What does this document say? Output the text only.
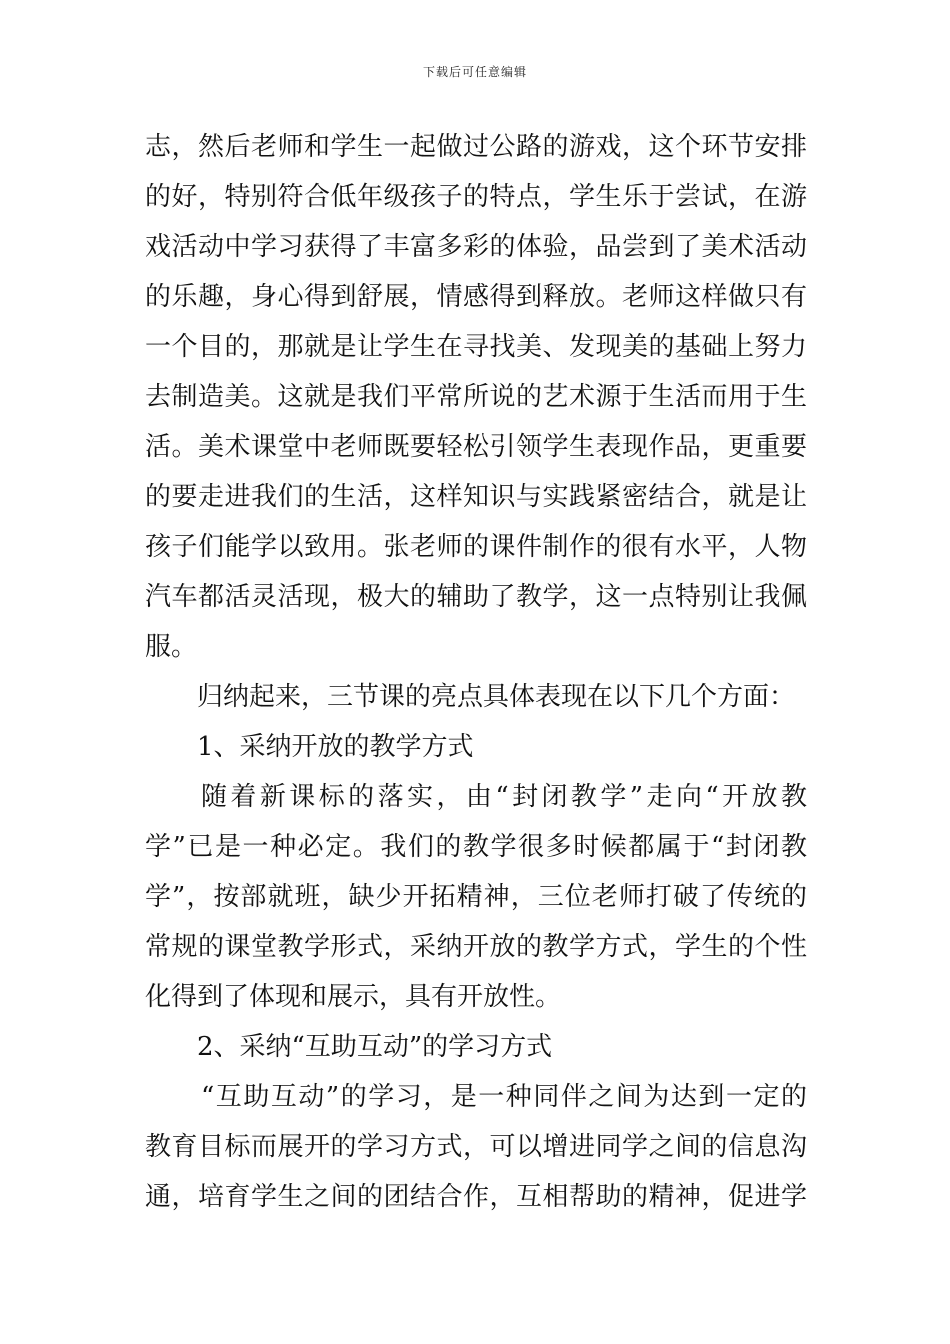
下载后可任意编辑
志，然后老师和学生一起做过公路的游戏，这个环节安排
的好，特别符合低年级孩子的特点，学生乐于尝试，在游
戏活动中学习获得了丰富多彩的体验，品尝到了美术活动
的乐趣，身心得到舒展，情感得到释放。老师这样做只有
一个目的，那就是让学生在寻找美、发现美的基础上努力
去制造美。这就是我们平常所说的艺术源于生活而用于生
活。美术课堂中老师既要轻松引领学生表现作品，更重要
的要走进我们的生活，这样知识与实践紧密结合，就是让
孩子们能学以致用。张老师的课件制作的很有水平，人物
汽车都活灵活现，极大的辅助了教学，这一点特别让我佩
服。
归纳起来，三节课的亮点具体表现在以下几个方面：
1、采纳开放的教学方式
随着新课标的落实，由“封闭教学”走向“开放教
学”已是一种必定。我们的教学很多时候都属于“封闭教
学”，按部就班，缺少开拓精神，三位老师打破了传统的
常规的课堂教学形式，采纳开放的教学方式，学生的个性
化得到了体现和展示，具有开放性。
2、采纳“互助互动”的学习方式
“互助互动”的学习，是一种同伴之间为达到一定的
教育目标而展开的学习方式，可以增进同学之间的信息沟
通，培育学生之间的团结合作，互相帮助的精神，促进学
